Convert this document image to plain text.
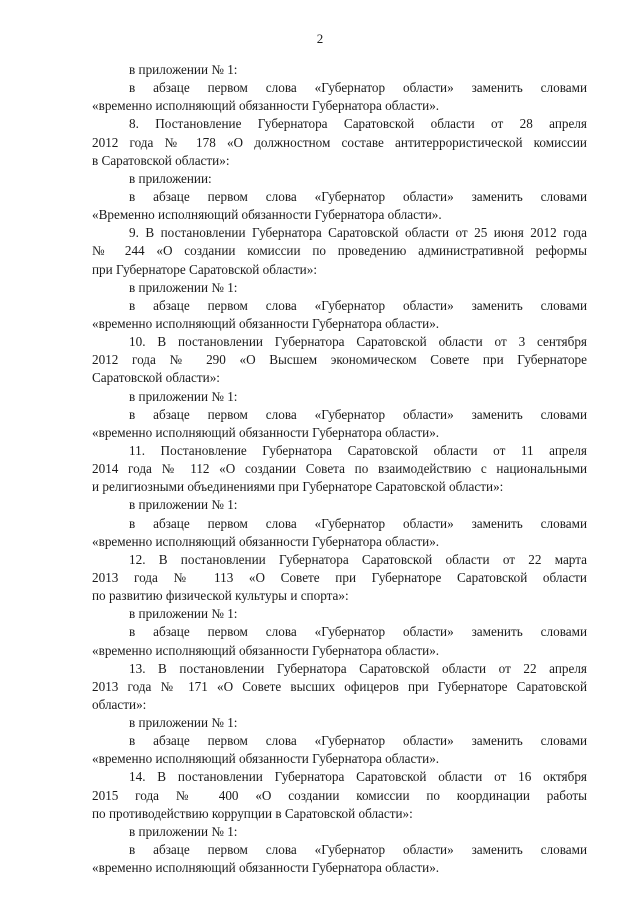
2
в приложении № 1:
в абзаце первом слова «Губернатор области» заменить словами
«временно исполняющий обязанности Губернатора области».
8. Постановление Губернатора Саратовской области от 28 апреля
2012 года № 178 «О должностном составе антитеррористической комиссии
в Саратовской области»:
в приложении:
в абзаце первом слова «Губернатор области» заменить словами
«Временно исполняющий обязанности Губернатора области».
9. В постановлении Губернатора Саратовской области от 25 июня 2012 года
№ 244 «О создании комиссии по проведению административной реформы
при Губернаторе Саратовской области»:
в приложении № 1:
в абзаце первом слова «Губернатор области» заменить словами
«временно исполняющий обязанности Губернатора области».
10. В постановлении Губернатора Саратовской области от 3 сентября
2012 года № 290 «О Высшем экономическом Совете при Губернаторе
Саратовской области»:
в приложении № 1:
в абзаце первом слова «Губернатор области» заменить словами
«временно исполняющий обязанности Губернатора области».
11. Постановление Губернатора Саратовской области от 11 апреля
2014 года № 112 «О создании Совета по взаимодействию с национальными
и религиозными объединениями при Губернаторе Саратовской области»:
в приложении № 1:
в абзаце первом слова «Губернатор области» заменить словами
«временно исполняющий обязанности Губернатора области».
12. В постановлении Губернатора Саратовской области от 22 марта
2013 года № 113 «О Совете при Губернаторе Саратовской области
по развитию физической культуры и спорта»:
в приложении № 1:
в абзаце первом слова «Губернатор области» заменить словами
«временно исполняющий обязанности Губернатора области».
13. В постановлении Губернатора Саратовской области от 22 апреля
2013 года № 171 «О Совете высших офицеров при Губернаторе Саратовской
области»:
в приложении № 1:
в абзаце первом слова «Губернатор области» заменить словами
«временно исполняющий обязанности Губернатора области».
14. В постановлении Губернатора Саратовской области от 16 октября
2015 года № 400 «О создании комиссии по координации работы
по противодействию коррупции в Саратовской области»:
в приложении № 1:
в абзаце первом слова «Губернатор области» заменить словами
«временно исполняющий обязанности Губернатора области».
